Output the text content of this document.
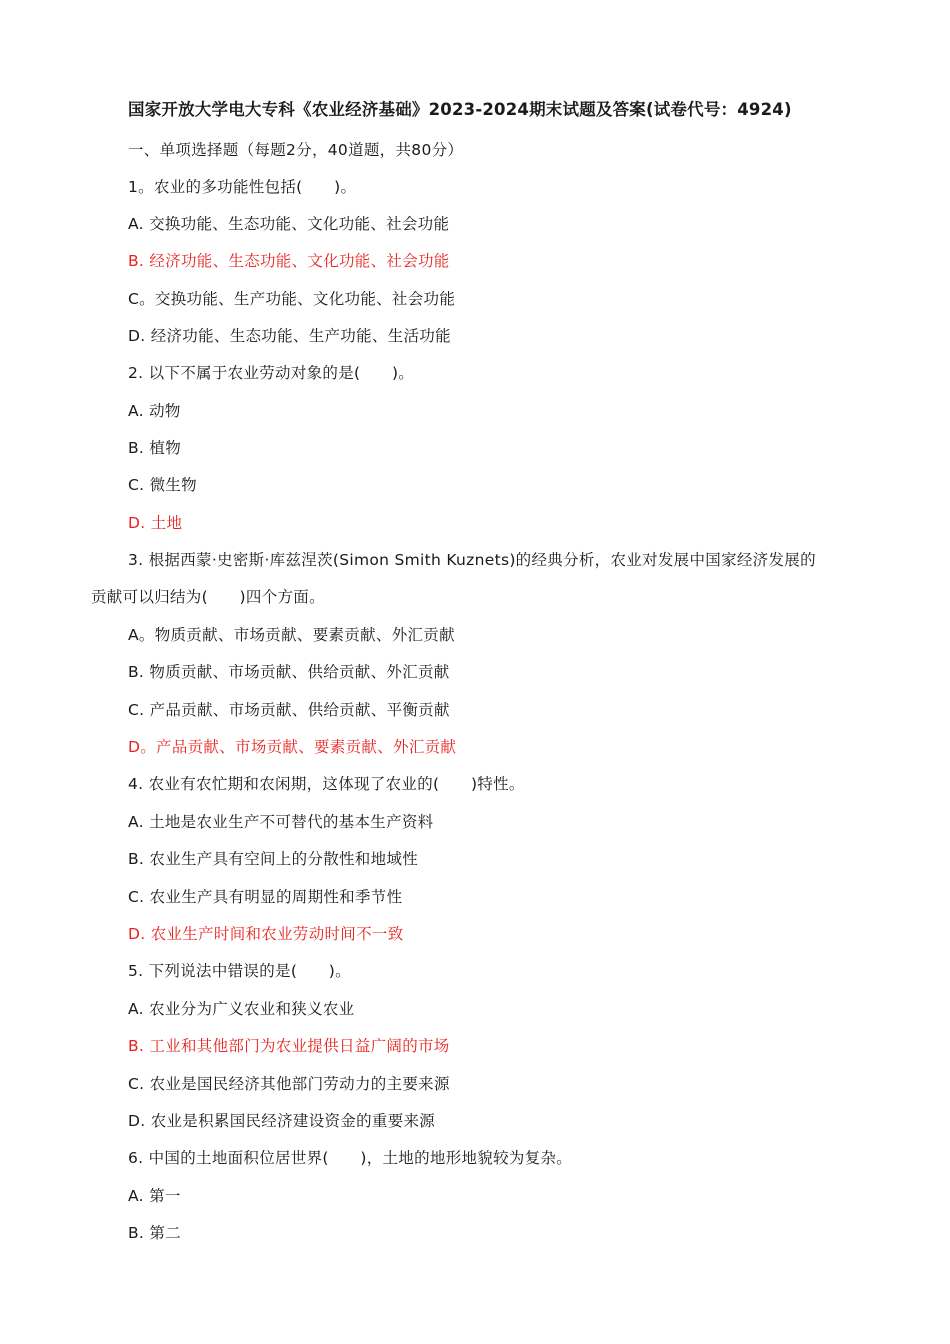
国家开放大学电大专科《农业经济基础》2023-2024期末试题及答案(试卷代号：4924)
一、单项选择题（每题2分，40道题，共80分）
1。农业的多功能性包括(　　)。
A. 交换功能、生态功能、文化功能、社会功能
B. 经济功能、生态功能、文化功能、社会功能
C。交换功能、生产功能、文化功能、社会功能
D. 经济功能、生态功能、生产功能、生活功能
2. 以下不属于农业劳动对象的是(　　)。
A. 动物
B. 植物
C. 微生物
D. 土地
3. 根据西蒙·史密斯·库兹涅茨(Simon Smith Kuznets)的经典分析，农业对发展中国家经济发展的
贡献可以归结为(　　)四个方面。
A。物质贡献、市场贡献、要素贡献、外汇贡献
B. 物质贡献、市场贡献、供给贡献、外汇贡献
C. 产品贡献、市场贡献、供给贡献、平衡贡献
D。产品贡献、市场贡献、要素贡献、外汇贡献
4. 农业有农忙期和农闲期，这体现了农业的(　　)特性。
A. 土地是农业生产不可替代的基本生产资料
B. 农业生产具有空间上的分散性和地域性
C. 农业生产具有明显的周期性和季节性
D. 农业生产时间和农业劳动时间不一致
5. 下列说法中错误的是(　　)。
A. 农业分为广义农业和狭义农业
B. 工业和其他部门为农业提供日益广阔的市场
C. 农业是国民经济其他部门劳动力的主要来源
D. 农业是积累国民经济建设资金的重要来源
6. 中国的土地面积位居世界(　　)，土地的地形地貌较为复杂。
A. 第一
B. 第二
